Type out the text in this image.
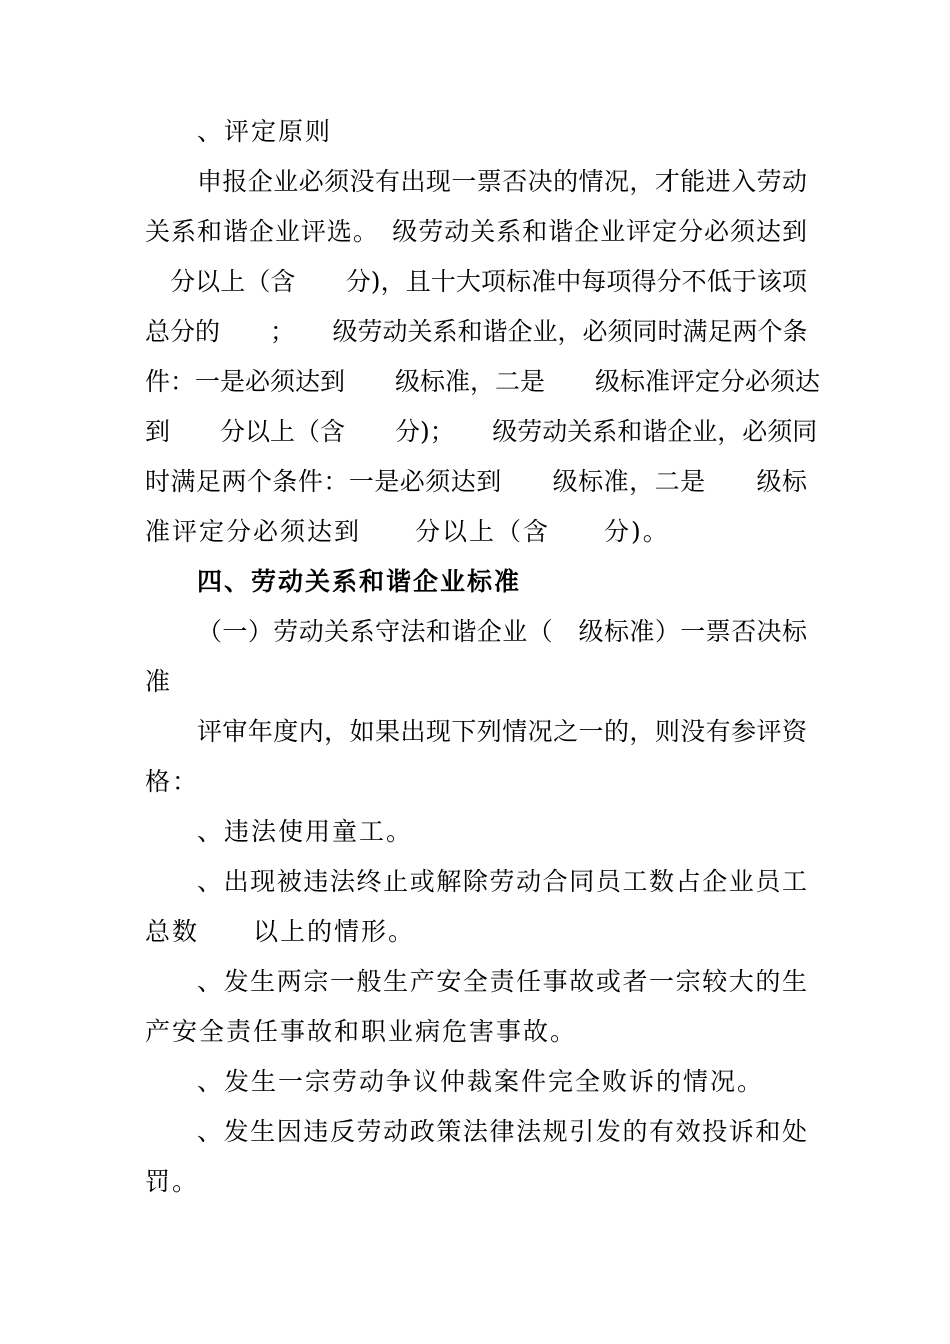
、评定原则
申报企业必须没有出现一票否决的情况，才能进入劳动
关系和谐企业评选。　级劳动关系和谐企业评定分必须达到
　分以上（含　　分)，且十大项标准中每项得分不低于该项
总分的　　；　　级劳动关系和谐企业，必须同时满足两个条
件：一是必须达到　　级标准，二是　　级标准评定分必须达
到　　分以上（含　　分)；　　级劳动关系和谐企业，必须同
时满足两个条件：一是必须达到　　级标准，二是　　级标
准评定分必须达到　　分以上（含　　分)。
四、劳动关系和谐企业标准
（一）劳动关系守法和谐企业（　级标准）一票否决标
准
评审年度内，如果出现下列情况之一的，则没有参评资
格：
、违法使用童工。
、出现被违法终止或解除劳动合同员工数占企业员工
总数　　以上的情形。
、发生两宗一般生产安全责任事故或者一宗较大的生
产安全责任事故和职业病危害事故。
、发生一宗劳动争议仲裁案件完全败诉的情况。
、发生因违反劳动政策法律法规引发的有效投诉和处
罚。
